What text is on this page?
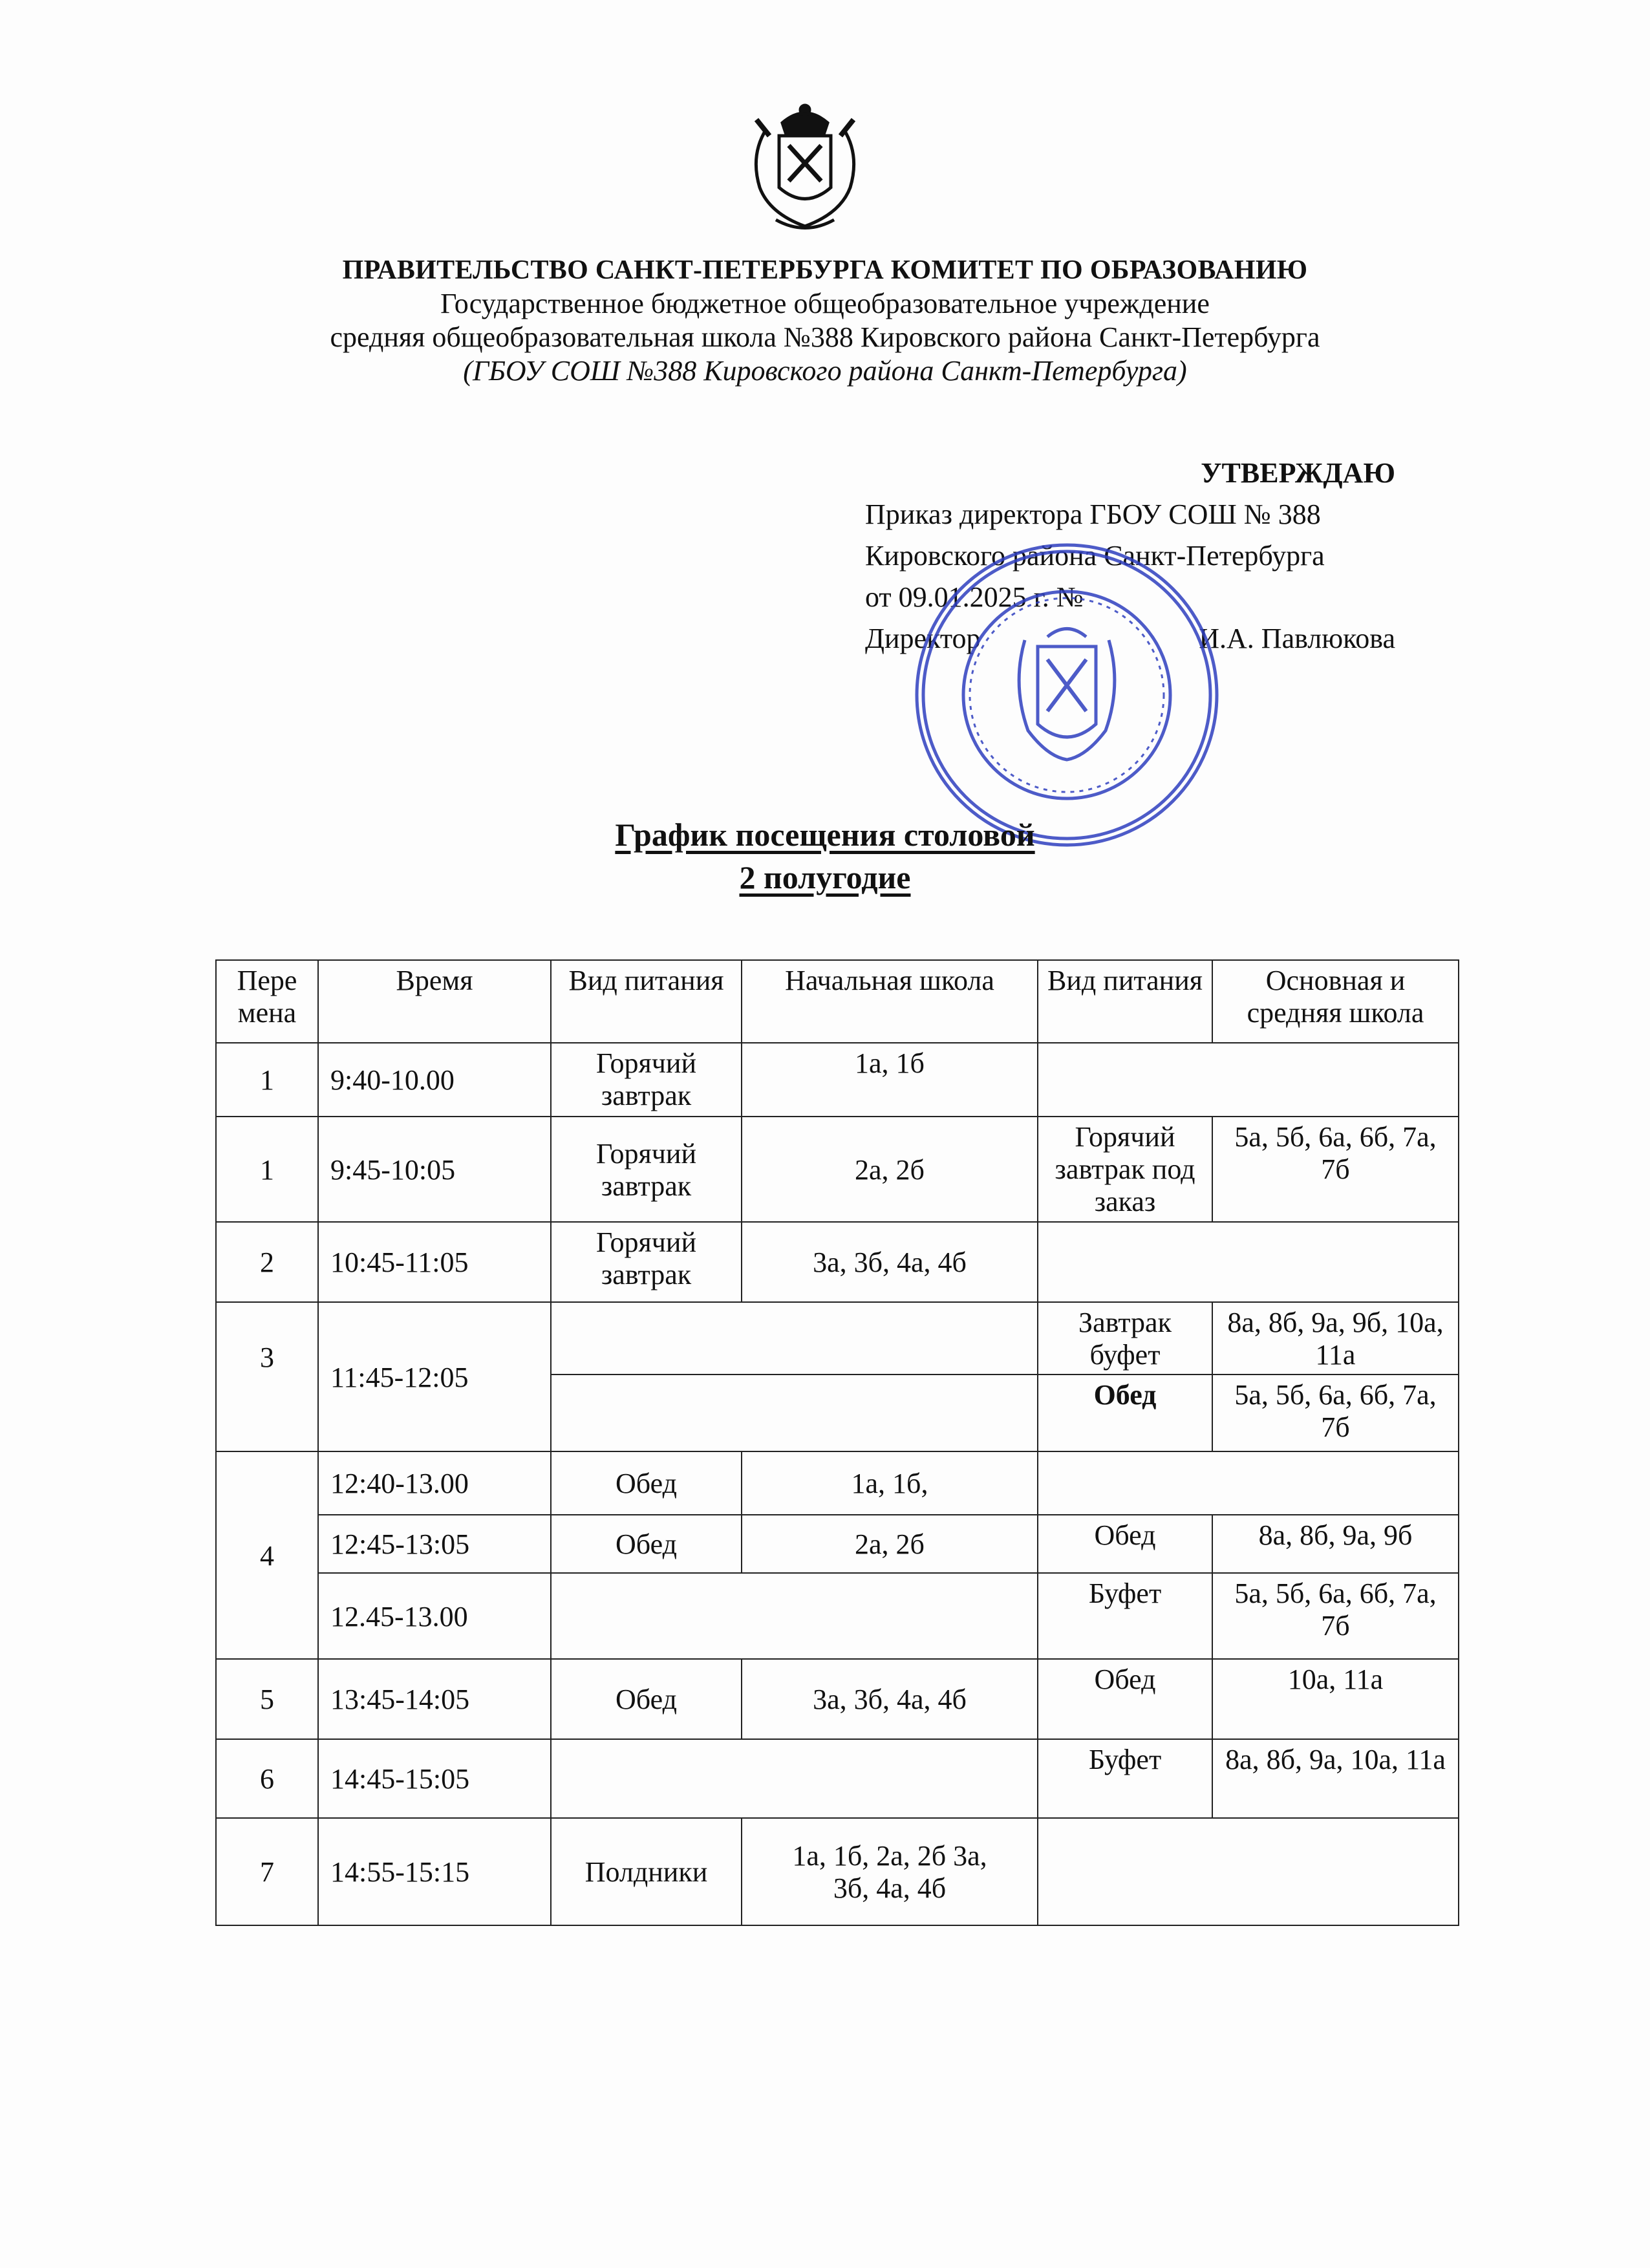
ПРАВИТЕЛЬСТВО САНКТ-ПЕТЕРБУРГА КОМИТЕТ ПО ОБРАЗОВАНИЮ
Государственное бюджетное общеобразовательное учреждение
средняя общеобразовательная школа №388 Кировского района Санкт-Петербурга
(ГБОУ СОШ №388 Кировского района Санкт-Петербурга)
УТВЕРЖДАЮ
Приказ директора ГБОУ СОШ № 388
Кировского района Санкт-Петербурга
от 09.01.2025 г. №
Директор	И.А. Павлюкова
График посещения столовой
2 полугодие
Пере мена	Время	Вид питания	Начальная школа	Вид питания	Основная и средняя школа
1	9:40-10.00	Горячий завтрак	1а, 1б		
1	9:45-10:05	Горячий завтрак	2а, 2б	Горячий завтрак под заказ	5а, 5б, 6а, 6б, 7а, 7б
2	10:45-11:05	Горячий завтрак	3а, 3б, 4а, 4б		
3	11:45-12:05			Завтрак буфет	8а, 8б, 9а, 9б, 10а, 11а
				Обед	5а, 5б, 6а, 6б, 7а, 7б
4	12:40-13.00	Обед	1а, 1б,		
	12:45-13:05	Обед	2а, 2б	Обед	8а, 8б, 9а, 9б
	12.45-13.00			Буфет	5а, 5б, 6а, 6б, 7а, 7б
5	13:45-14:05	Обед	3а, 3б, 4а, 4б	Обед	10а, 11а
6	14:45-15:05			Буфет	8а, 8б, 9а, 10а, 11а
7	14:55-15:15	Полдники	1а, 1б, 2а, 2б 3а, 3б, 4а, 4б		
